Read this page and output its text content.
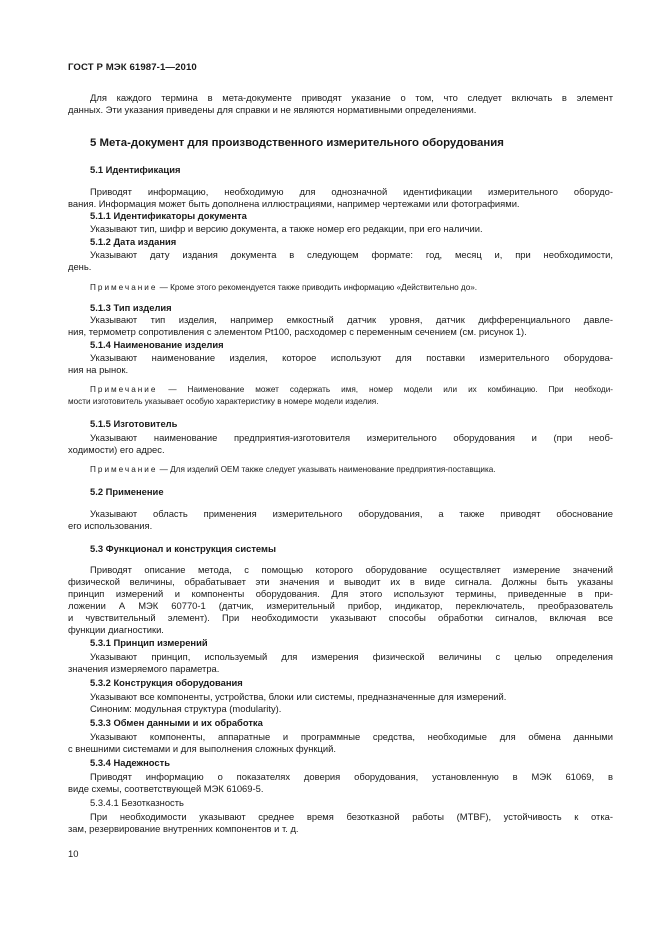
ГОСТ Р МЭК 61987-1—2010
Для каждого термина в мета-документе приводят указание о том, что следует включать в элемент
данных. Эти указания приведены для справки и не являются нормативными определениями.
5 Мета-документ для производственного измерительного оборудования
5.1 Идентификация
Приводят информацию, необходимую для однозначной идентификации измерительного оборудо-
вания. Информация может быть дополнена иллюстрациями, например чертежами или фотографиями.
5.1.1 Идентификаторы документа
Указывают тип, шифр и версию документа, а также номер его редакции, при его наличии.
5.1.2 Дата издания
Указывают дату издания документа в следующем формате: год, месяц и, при необходимости,
день.
Примечание — Кроме этого рекомендуется также приводить информацию «Действительно до».
5.1.3 Тип изделия
Указывают тип изделия, например емкостный датчик уровня, датчик дифференциального давле-
ния, термометр сопротивления с элементом Pt100, расходомер с переменным сечением (см. рисунок 1).
5.1.4 Наименование изделия
Указывают наименование изделия, которое используют для поставки измерительного оборудова-
ния на рынок.
Примечание — Наименование может содержать имя, номер модели или их комбинацию. При необходи-
мости изготовитель указывает особую характеристику в номере модели изделия.
5.1.5 Изготовитель
Указывают наименование предприятия-изготовителя измерительного оборудования и (при необ-
ходимости) его адрес.
Примечание — Для изделий OEM также следует указывать наименование предприятия-поставщика.
5.2 Применение
Указывают область применения измерительного оборудования, а также приводят обоснование
его использования.
5.3 Функционал и конструкция системы
Приводят описание метода, с помощью которого оборудование осуществляет измерение значений
физической величины, обрабатывает эти значения и выводит их в виде сигнала. Должны быть указаны
принцип измерений и компоненты оборудования. Для этого используют термины, приведенные в при-
ложении А МЭК 60770-1 (датчик, измерительный прибор, индикатор, переключатель, преобразователь
и чувствительный элемент). При необходимости указывают способы обработки сигналов, включая все
функции диагностики.
5.3.1 Принцип измерений
Указывают принцип, используемый для измерения физической величины с целью определения
значения измеряемого параметра.
5.3.2 Конструкция оборудования
Указывают все компоненты, устройства, блоки или системы, предназначенные для измерений.
Синоним: модульная структура (modularity).
5.3.3 Обмен данными и их обработка
Указывают компоненты, аппаратные и программные средства, необходимые для обмена данными
с внешними системами и для выполнения сложных функций.
5.3.4 Надежность
Приводят информацию о показателях доверия оборудования, установленную в МЭК 61069, в
виде схемы, соответствующей МЭК 61069-5.
5.3.4.1 Безотказность
При необходимости указывают среднее время безотказной работы (MTBF), устойчивость к отка-
зам, резервирование внутренних компонентов и т. д.
10
